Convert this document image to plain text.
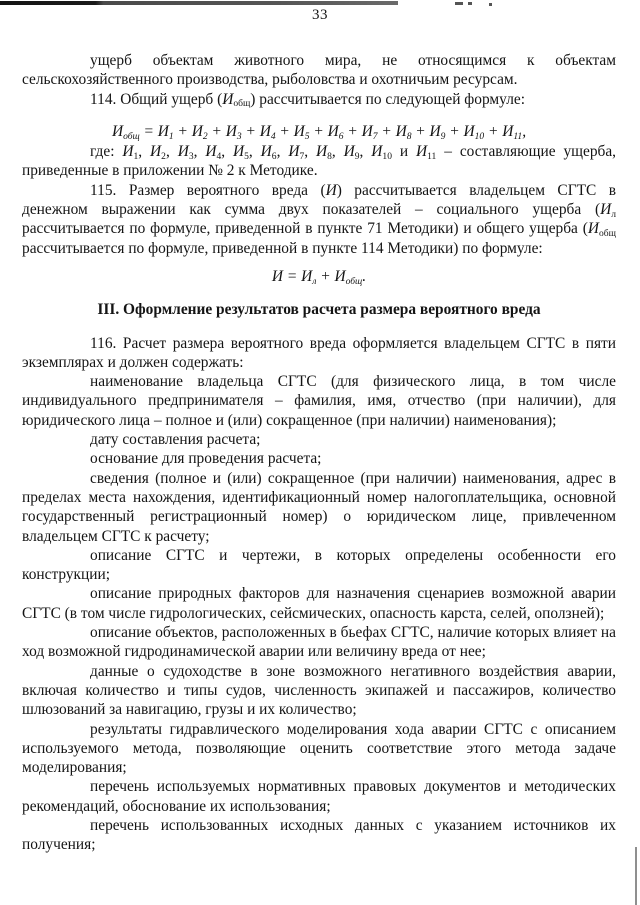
33
ущерб объектам животного мира, не относящимся к объектам сельскохозяйственного производства, рыболовства и охотничьим ресурсам.
114. Общий ущерб $(И_{общ})$ рассчитывается по следующей формуле:
$И_{общ} = И_1 + И_2 + И_3 + И_4 + И_5 + И_6 + И_7 + И_8 + И_9 + И_{10} + И_{11}$,
где: $И_1$, $И_2$, $И_3$, $И_4$, $И_5$, $И_6$, $И_7$, $И_8$, $И_9$, $И_{10}$ и $И_{11}$ – составляющие ущерба, приведенные в приложении № 2 к Методике.
115. Размер вероятного вреда (И) рассчитывается владельцем СГТС в денежном выражении как сумма двух показателей – социального ущерба ($И_л$ рассчитывается по формуле, приведенной в пункте 71 Методики) и общего ущерба ($И_{общ}$ рассчитывается по формуле, приведенной в пункте 114 Методики) по формуле:
$И = И_л + И_{общ}$.
III. Оформление результатов расчета размера вероятного вреда
116. Расчет размера вероятного вреда оформляется владельцем СГТС в пяти экземплярах и должен содержать:
наименование владельца СГТС (для физического лица, в том числе индивидуального предпринимателя – фамилия, имя, отчество (при наличии), для юридического лица – полное и (или) сокращенное (при наличии) наименования);
дату составления расчета;
основание для проведения расчета;
сведения (полное и (или) сокращенное (при наличии) наименования, адрес в пределах места нахождения, идентификационный номер налогоплательщика, основной государственный регистрационный номер) о юридическом лице, привлеченном владельцем СГТС к расчету;
описание СГТС и чертежи, в которых определены особенности его конструкции;
описание природных факторов для назначения сценариев возможной аварии СГТС (в том числе гидрологических, сейсмических, опасность карста, селей, оползней);
описание объектов, расположенных в бьефах СГТС, наличие которых влияет на ход возможной гидродинамической аварии или величину вреда от нее;
данные о судоходстве в зоне возможного негативного воздействия аварии, включая количество и типы судов, численность экипажей и пассажиров, количество шлюзований за навигацию, грузы и их количество;
результаты гидравлического моделирования хода аварии СГТС с описанием используемого метода, позволяющие оценить соответствие этого метода задаче моделирования;
перечень используемых нормативных правовых документов и методических рекомендаций, обоснование их использования;
перечень использованных исходных данных с указанием источников их получения;
